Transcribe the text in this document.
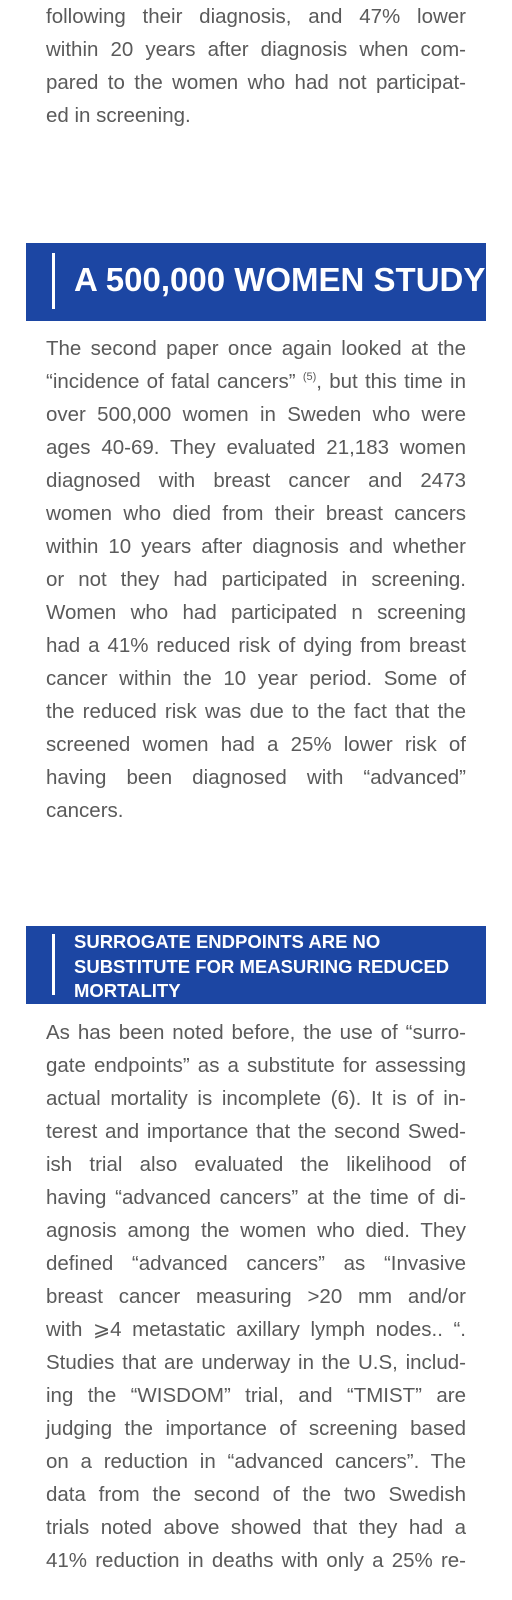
following their diagnosis, and 47% lower
within 20 years after diagnosis when com-
pared to the women who had not participat-
ed in screening.

A 500,000 WOMEN STUDY

The second paper once again looked at the
“incidence of fatal cancers” $^{(5)}$, but this time in
over 500,000 women in Sweden who were
ages 40-69. They evaluated 21,183 women
diagnosed with breast cancer and 2473
women who died from their breast cancers
within 10 years after diagnosis and whether
or not they had participated in screening.
Women who had participated n screening
had a 41% reduced risk of dying from breast
cancer within the 10 year period. Some of
the reduced risk was due to the fact that the
screened women had a 25% lower risk of
having been diagnosed with “advanced”
cancers.

SURROGATE ENDPOINTS ARE NO
SUBSTITUTE FOR MEASURING REDUCED
MORTALITY

As has been noted before, the use of “surro-
gate endpoints” as a substitute for assessing
actual mortality is incomplete (6). It is of in-
terest and importance that the second Swed-
ish trial also evaluated the likelihood of
having “advanced cancers” at the time of di-
agnosis among the women who died. They
defined “advanced cancers” as “Invasive
breast cancer measuring >20 mm and/or
with ⩾4 metastatic axillary lymph nodes.. “.
Studies that are underway in the U.S, includ-
ing the “WISDOM” trial, and “TMIST” are
judging the importance of screening based
on a reduction in “advanced cancers”. The
data from the second of the two Swedish
trials noted above showed that they had a
41% reduction in deaths with only a 25% re-
